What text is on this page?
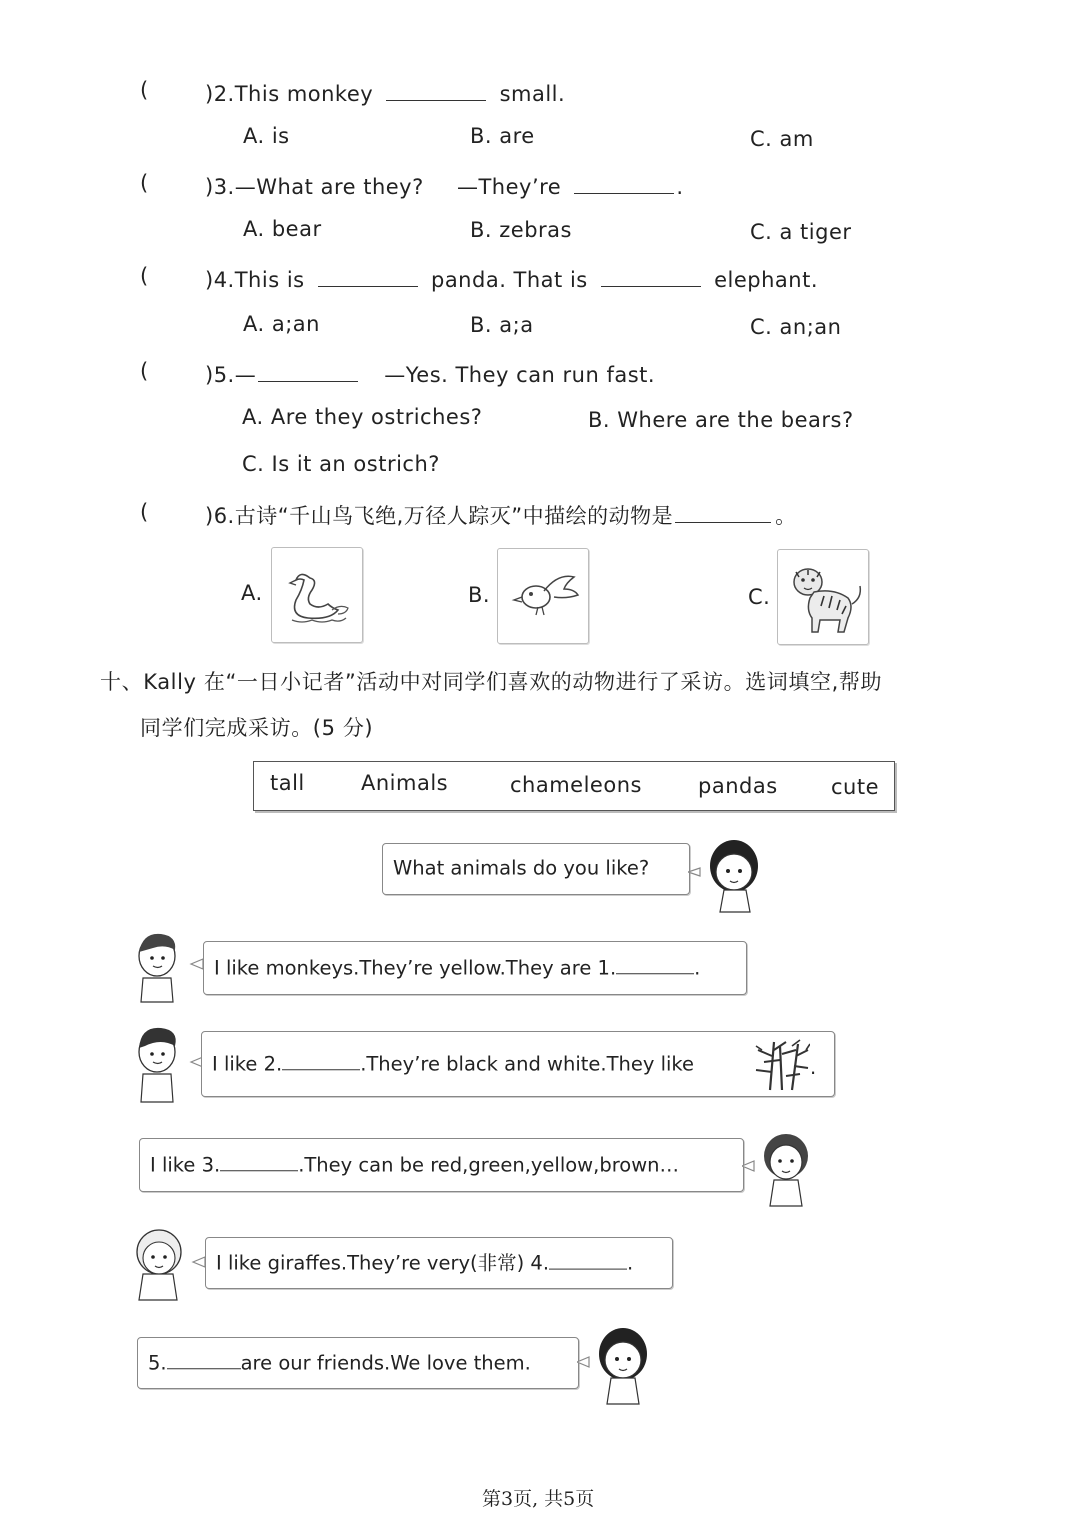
(	)2.This monkey	small.
A. is	B. are	C. am
(	)3.—What are they? —They’re	.
A. bear	B. zebras	C. a tiger
(	)4.This is	panda. That is	elephant.
A. a;an	B. a;a	C. an;an
(	)5.—	—Yes. They can run fast.
A. Are they ostriches?	B. Where are the bears?
C. Is it an ostrich?
(	)6.古诗“千山鸟飞绝,万径人踪灭”中描绘的动物是	。
A.	B.	C.
十、Kally 在“一日小记者”活动中对同学们喜欢的动物进行了采访。选词填空,帮助
同学们完成采访。(5 分)
tall	Animals	chameleons	pandas	cute
What animals do you like?
I like monkeys.They’re yellow.They are 1.	.
I like 2.	.They’re black and white.They like	.
I like 3.	.They can be red,green,yellow,brown…
I like giraffes.They’re very(非常) 4.	.
5.	are our friends.We love them.
第3页, 共5页
